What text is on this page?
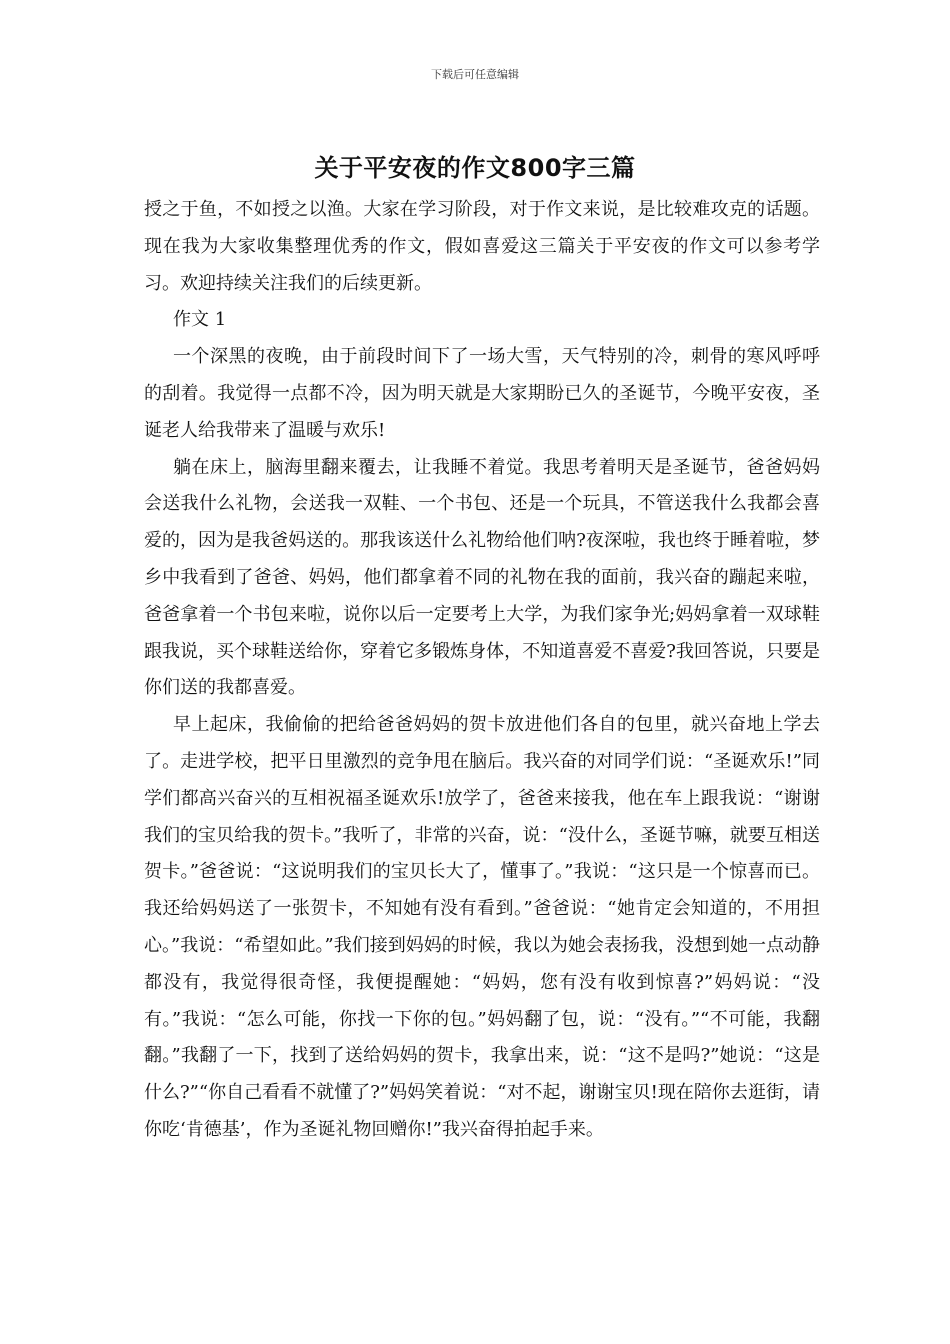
下载后可任意编辑
关于平安夜的作文800字三篇

授之于鱼，不如授之以渔。大家在学习阶段，对于作文来说，是比较难攻克的话题。现在我为大家收集整理优秀的作文，假如喜爱这三篇关于平安夜的作文可以参考学习。欢迎持续关注我们的后续更新。

作文 1

一个深黑的夜晚，由于前段时间下了一场大雪，天气特别的冷，刺骨的寒风呼呼的刮着。我觉得一点都不冷，因为明天就是大家期盼已久的圣诞节，今晚平安夜，圣诞老人给我带来了温暖与欢乐!

躺在床上，脑海里翻来覆去，让我睡不着觉。我思考着明天是圣诞节，爸爸妈妈会送我什么礼物，会送我一双鞋、一个书包、还是一个玩具，不管送我什么我都会喜爱的，因为是我爸妈送的。那我该送什么礼物给他们呐?夜深啦，我也终于睡着啦，梦乡中我看到了爸爸、妈妈，他们都拿着不同的礼物在我的面前，我兴奋的蹦起来啦，爸爸拿着一个书包来啦，说你以后一定要考上大学，为我们家争光;妈妈拿着一双球鞋跟我说，买个球鞋送给你，穿着它多锻炼身体，不知道喜爱不喜爱?我回答说，只要是你们送的我都喜爱。

早上起床，我偷偷的把给爸爸妈妈的贺卡放进他们各自的包里，就兴奋地上学去了。走进学校，把平日里激烈的竞争甩在脑后。我兴奋的对同学们说：“圣诞欢乐!”同学们都高兴奋兴的互相祝福圣诞欢乐!放学了，爸爸来接我，他在车上跟我说：“谢谢我们的宝贝给我的贺卡。”我听了，非常的兴奋，说：“没什么，圣诞节嘛，就要互相送贺卡。”爸爸说：“这说明我们的宝贝长大了，懂事了。”我说：“这只是一个惊喜而已。我还给妈妈送了一张贺卡，不知她有没有看到。”爸爸说：“她肯定会知道的，不用担心。”我说：“希望如此。”我们接到妈妈的时候，我以为她会表扬我，没想到她一点动静都没有，我觉得很奇怪，我便提醒她：“妈妈，您有没有收到惊喜?”妈妈说：“没有。”我说：“怎么可能，你找一下你的包。”妈妈翻了包，说：“没有。”“不可能，我翻翻。”我翻了一下，找到了送给妈妈的贺卡，我拿出来，说：“这不是吗?”她说：“这是什么?”“你自己看看不就懂了?”妈妈笑着说：“对不起，谢谢宝贝!现在陪你去逛街，请你吃‘肯德基’，作为圣诞礼物回赠你!”我兴奋得拍起手来。
